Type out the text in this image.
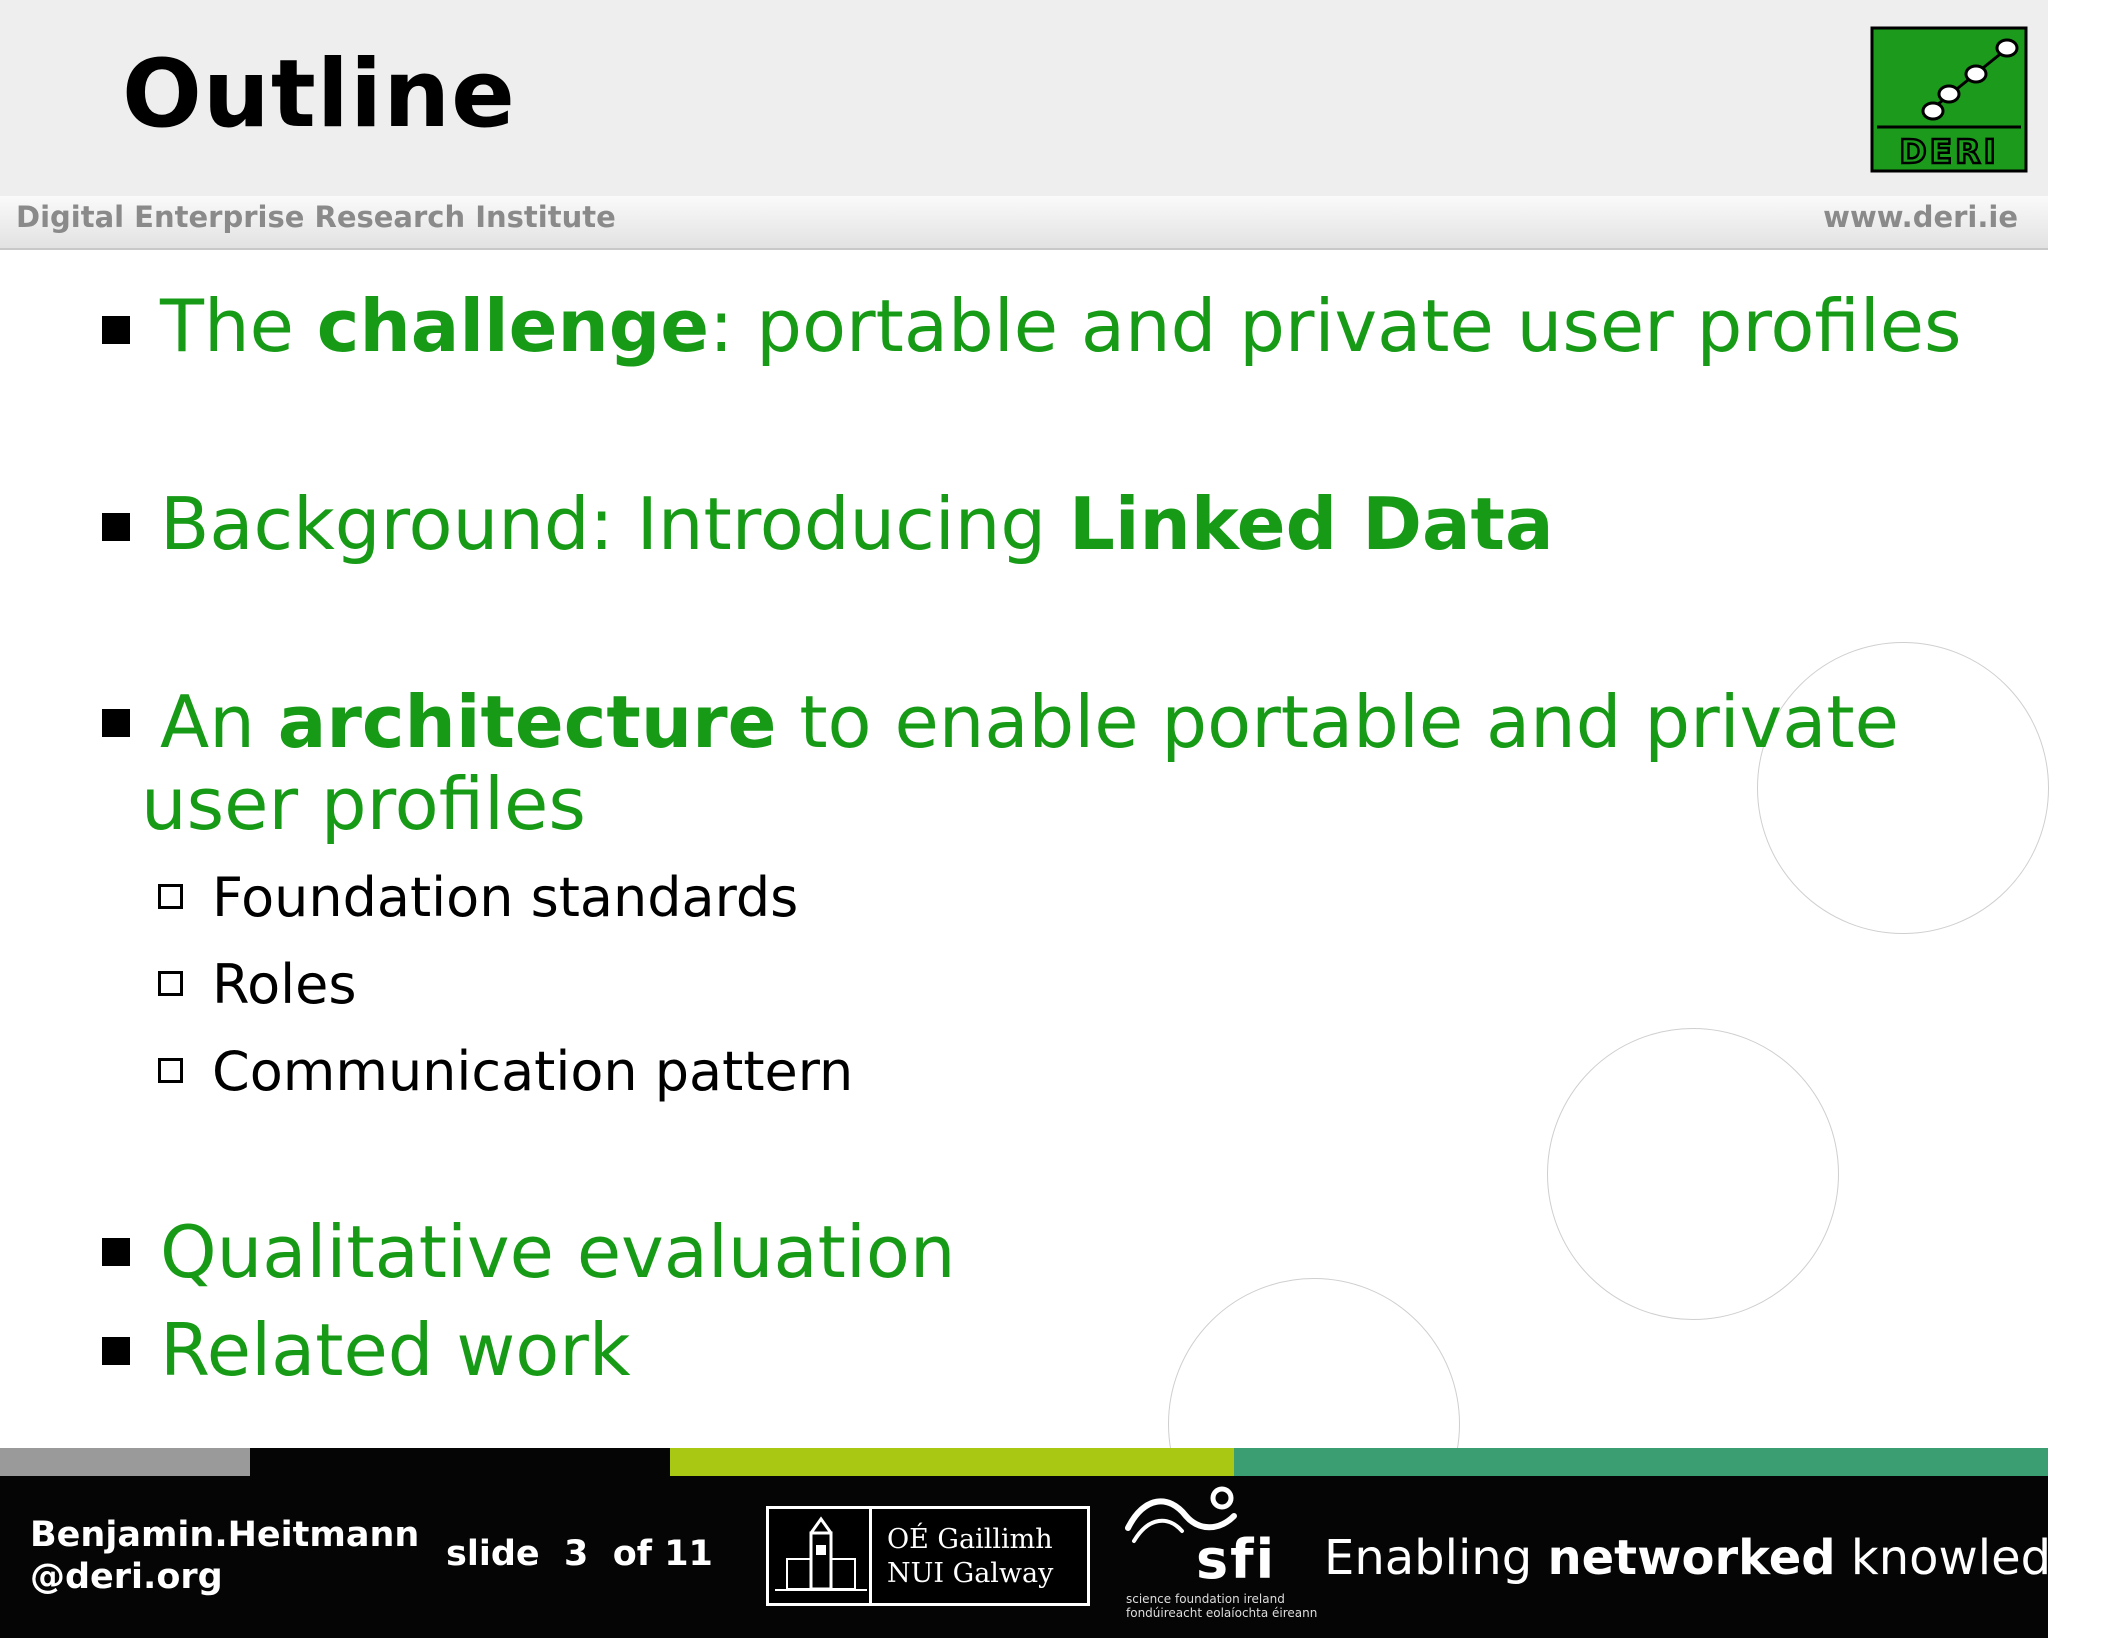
Outline
DERI
Digital Enterprise Research Institute	www.deri.ie
The challenge: portable and private user profiles
Background: Introducing Linked Data
An architecture to enable portable and private
user profiles
Foundation standards
Roles
Communication pattern
Qualitative evaluation
Related work
Benjamin.Heitmann
@deri.org
slide 3 of 11	OÉ Gaillimh
NUI Galway	sfi
science foundation ireland
fondúireacht eolaíochta éireann
Enabling networked knowledge.
